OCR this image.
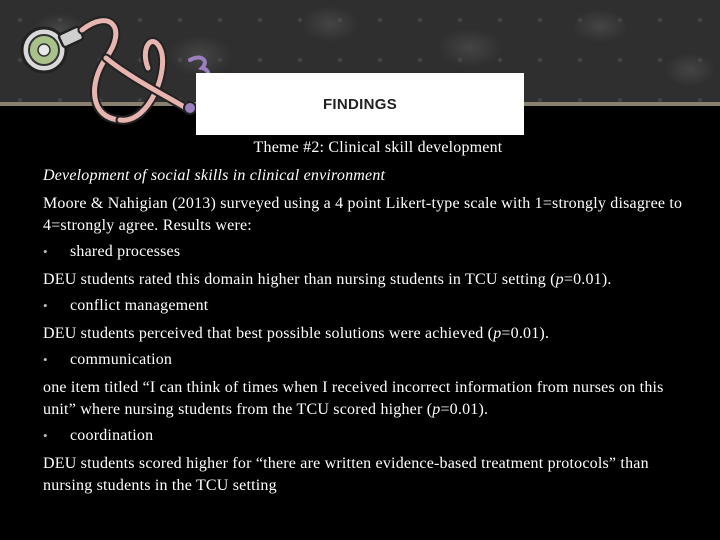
FINDINGS

Theme #2: Clinical skill development

Development of social skills in clinical environment

Moore & Nahigian (2013) surveyed using a 4 point Likert-type scale with 1=strongly disagree to 4=strongly agree. Results were:

•	shared processes

DEU students rated this domain higher than nursing students in TCU setting (p=0.01).

•	conflict management

DEU students perceived that best possible solutions were achieved (p=0.01).

•	communication

one item titled “I can think of times when I received incorrect information from nurses on this unit” where nursing students from the TCU scored higher (p=0.01).

•	coordination

DEU students scored higher for “there are written evidence-based treatment protocols” than nursing students in the TCU setting
